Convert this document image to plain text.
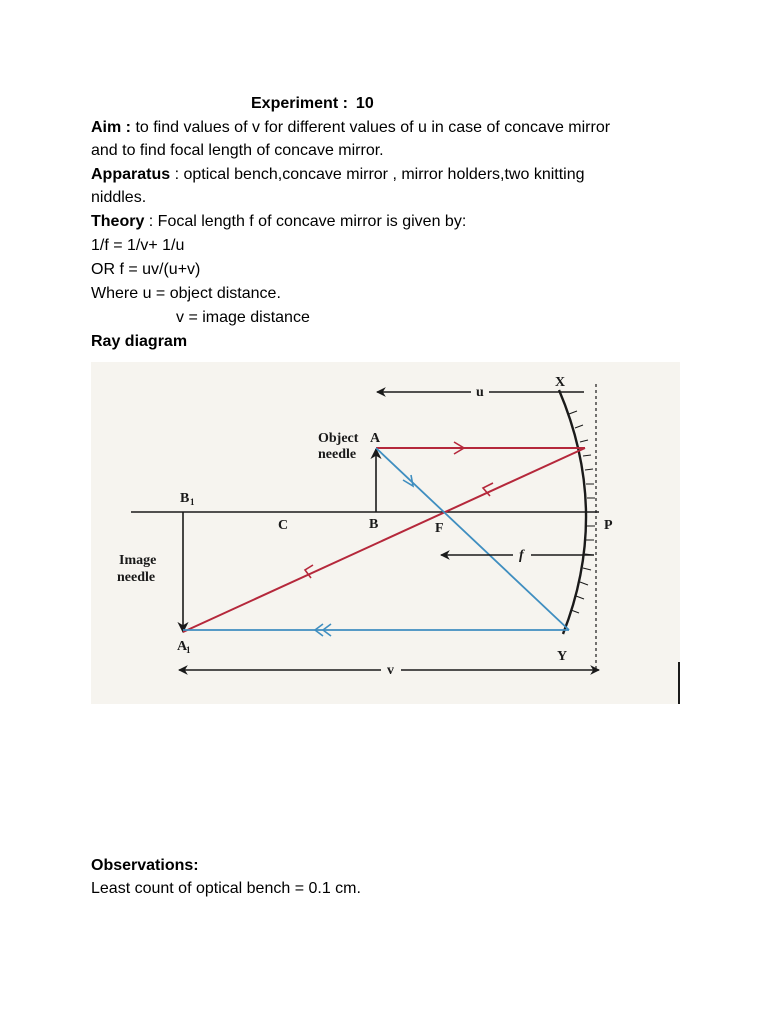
Experiment : 10
Aim : to find values of v for different values of u in case of concave mirror
and to find focal length of concave mirror.
Apparatus : optical bench,concave mirror , mirror holders,two knitting
niddles.
Theory : Focal length f of concave mirror is given by:
1/f = 1/v+ 1/u
OR f = uv/(u+v)
Where u = object distance.
v = image distance
Ray diagram
Object
needle
A
B
B 1
A
1
C	F	P
X
Y
u
v
f
Image
needle
Observations:
Least count of optical bench = 0.1 cm.
